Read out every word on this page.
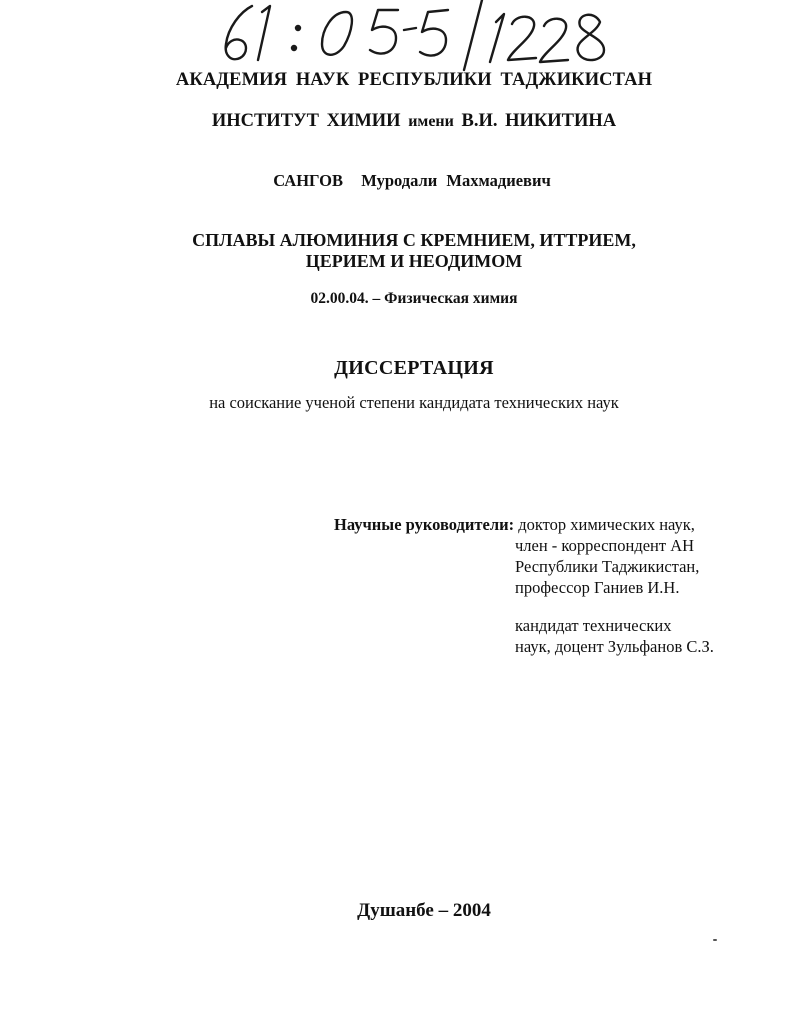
АКАДЕМИЯ НАУК РЕСПУБЛИКИ ТАДЖИКИСТАН
ИНСТИТУТ ХИМИИ имени В.И. НИКИТИНА
САНГОВ Муродали Махмадиевич
СПЛАВЫ АЛЮМИНИЯ С КРЕМНИЕМ, ИТТРИЕМ,
ЦЕРИЕМ И НЕОДИМОМ
02.00.04. – Физическая химия
ДИССЕРТАЦИЯ
на соискание ученой степени кандидата технических наук
Научные руководители: доктор химических наук,
член - корреспондент АН
Республики Таджикистан,
профессор Ганиев И.Н.
кандидат технических
наук, доцент Зульфанов С.З.
Душанбе – 2004
